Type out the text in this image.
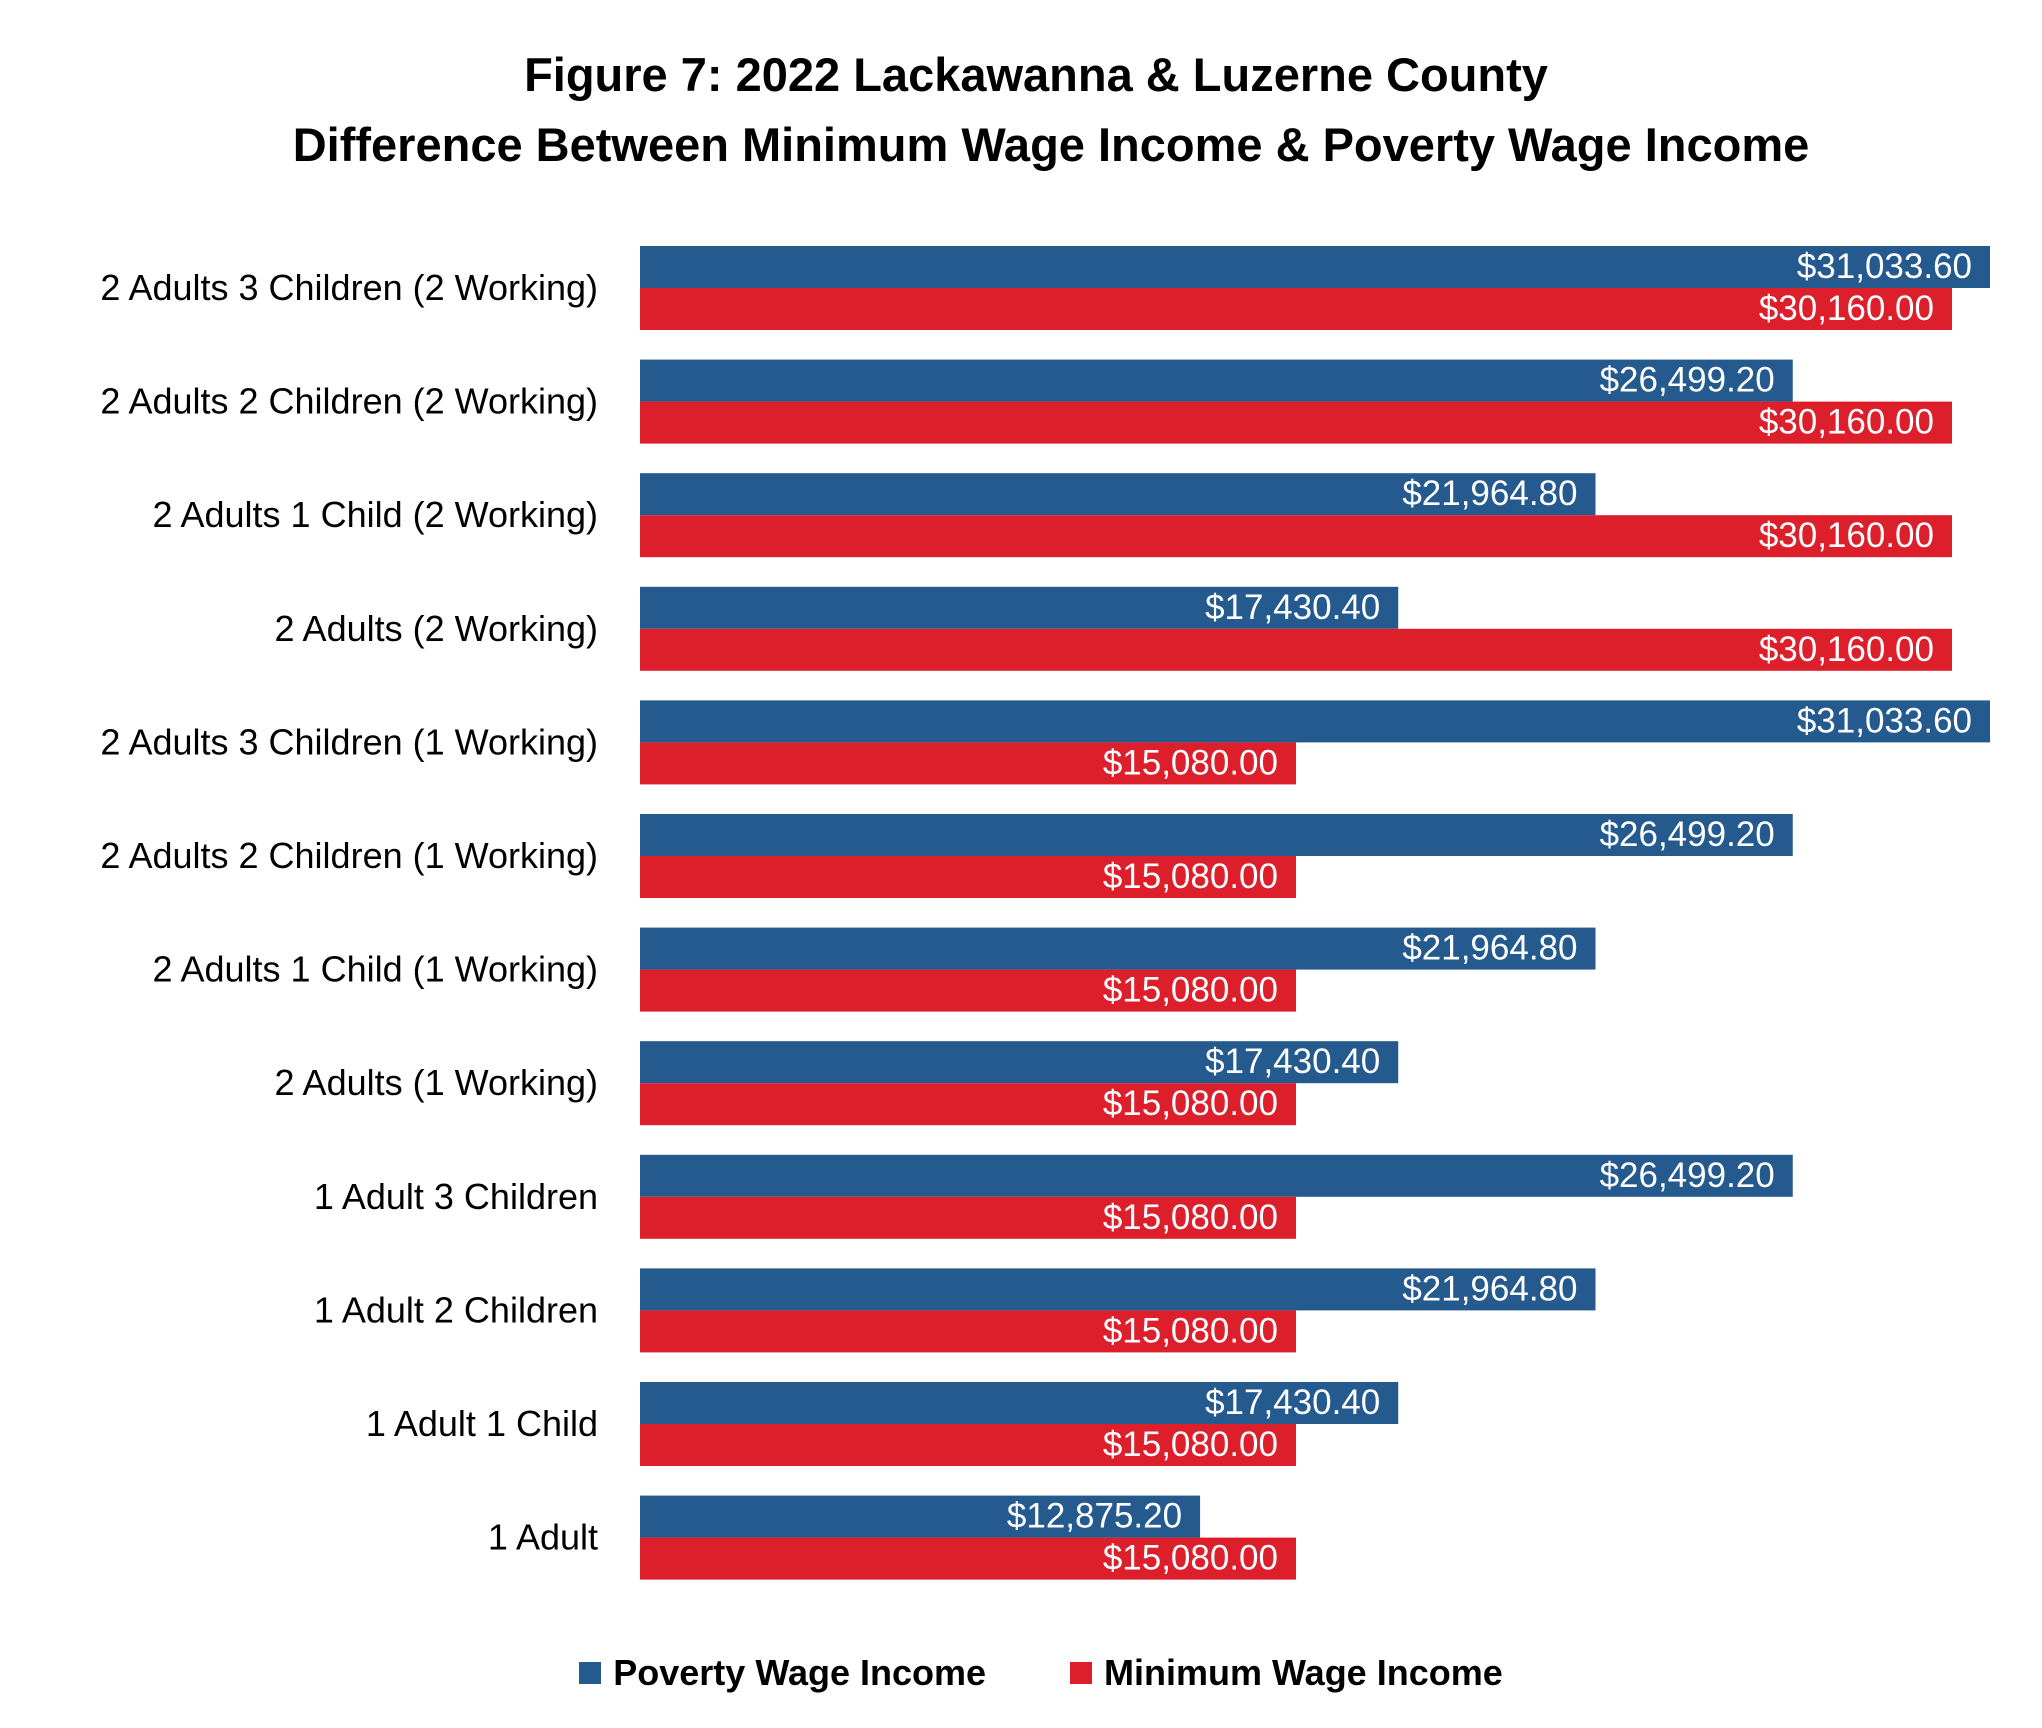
Figure 7: 2022 Lackawanna & Luzerne County
Difference Between Minimum Wage Income & Poverty Wage Income
2 Adults 3 Children (2 Working)
$31,033.60
$30,160.00
2 Adults 2 Children (2 Working)
$26,499.20
$30,160.00
2 Adults 1 Child (2 Working)
$21,964.80
$30,160.00
2 Adults (2 Working)
$17,430.40
$30,160.00
2 Adults 3 Children (1 Working)
$31,033.60
$15,080.00
2 Adults 2 Children (1 Working)
$26,499.20
$15,080.00
2 Adults 1 Child (1 Working)
$21,964.80
$15,080.00
2 Adults (1 Working)
$17,430.40
$15,080.00
1 Adult 3 Children
$26,499.20
$15,080.00
1 Adult 2 Children
$21,964.80
$15,080.00
1 Adult 1 Child
$17,430.40
$15,080.00
1 Adult
$12,875.20
$15,080.00
Poverty Wage Income	Minimum Wage Income
